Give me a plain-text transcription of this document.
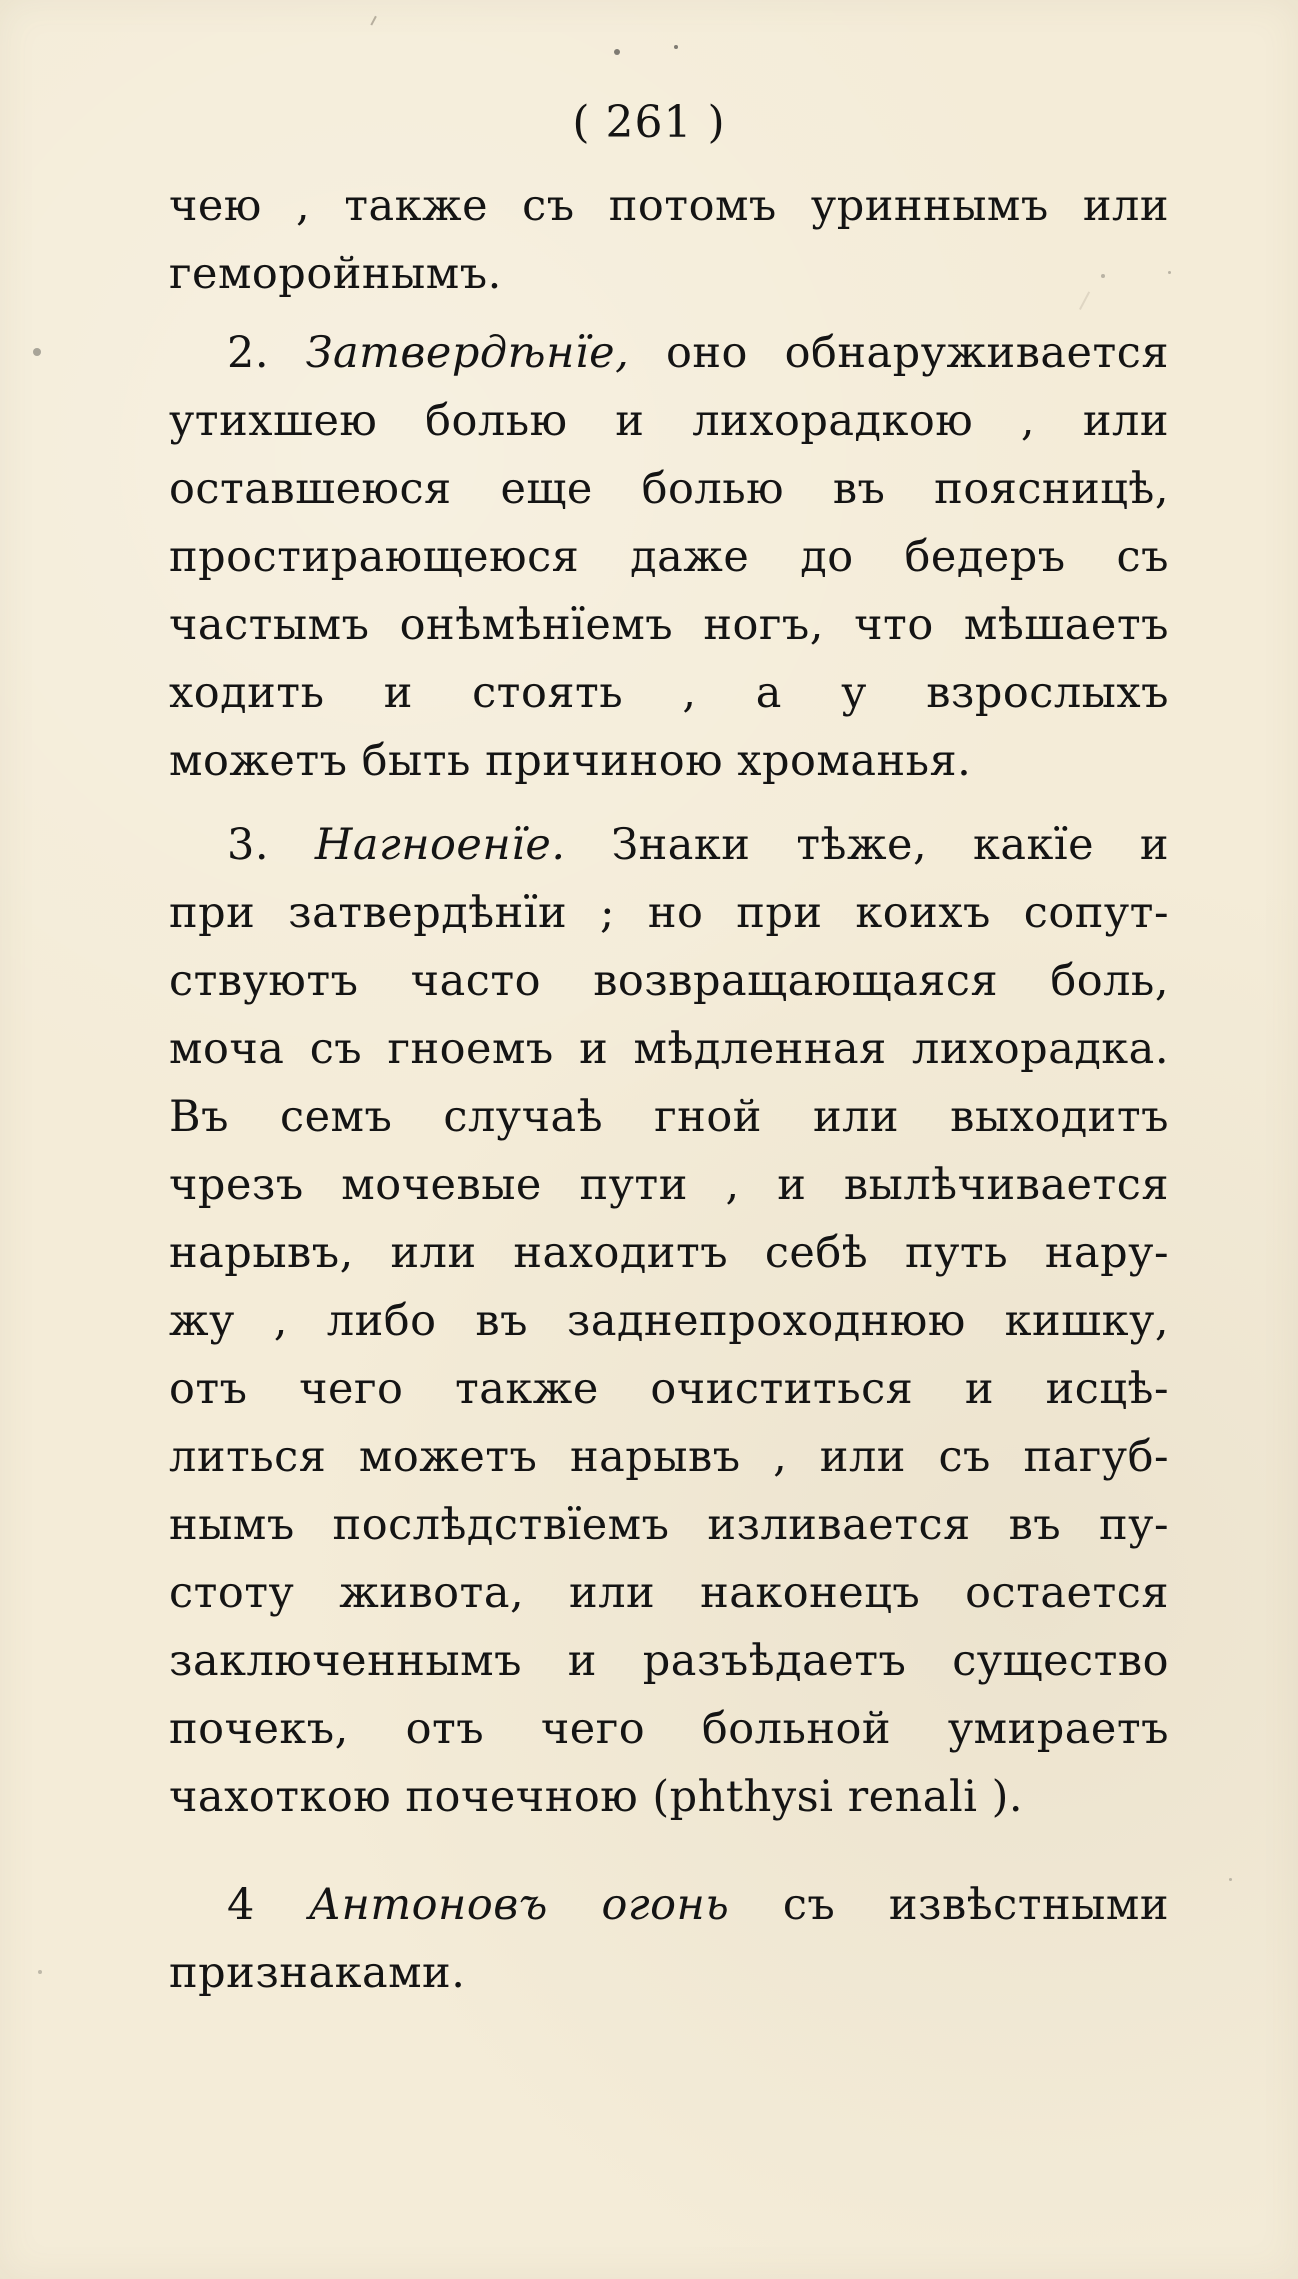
( 261 )
чею , также съ потомъ уриннымъ или
геморойнымъ.
2. Затвердѣнїе, оно обнаруживается
утихшею болью и лихорадкою , или
оставшеюся еще болью въ поясницѣ,
простирающеюся даже до бедеръ съ
частымъ онѣмѣнїемъ ногъ, что мѣшаетъ
ходить и стоять , а у взрослыхъ
можетъ быть причиною хроманья.
3. Нагноенїе. Знаки тѣже, какїе и
при затвердѣнїи ; но при коихъ сопут-
ствуютъ часто возвращающаяся боль,
моча съ гноемъ и мѣдленная лихорадка.
Въ семъ случаѣ гной или выходитъ
чрезъ мочевые пути , и вылѣчивается
нарывъ, или находитъ себѣ путь нару-
жу , либо въ заднепроходнюю кишку,
отъ чего также очиститься и исцѣ-
литься можетъ нарывъ , или съ пагуб-
нымъ послѣдствїемъ изливается въ пу-
стоту живота, или наконецъ остается
заключеннымъ и разъѣдаетъ существо
почекъ, отъ чего больной умираетъ
чахоткою почечною (phthysi renali ).
4 Антоновъ огонь съ извѣстными
признаками.
